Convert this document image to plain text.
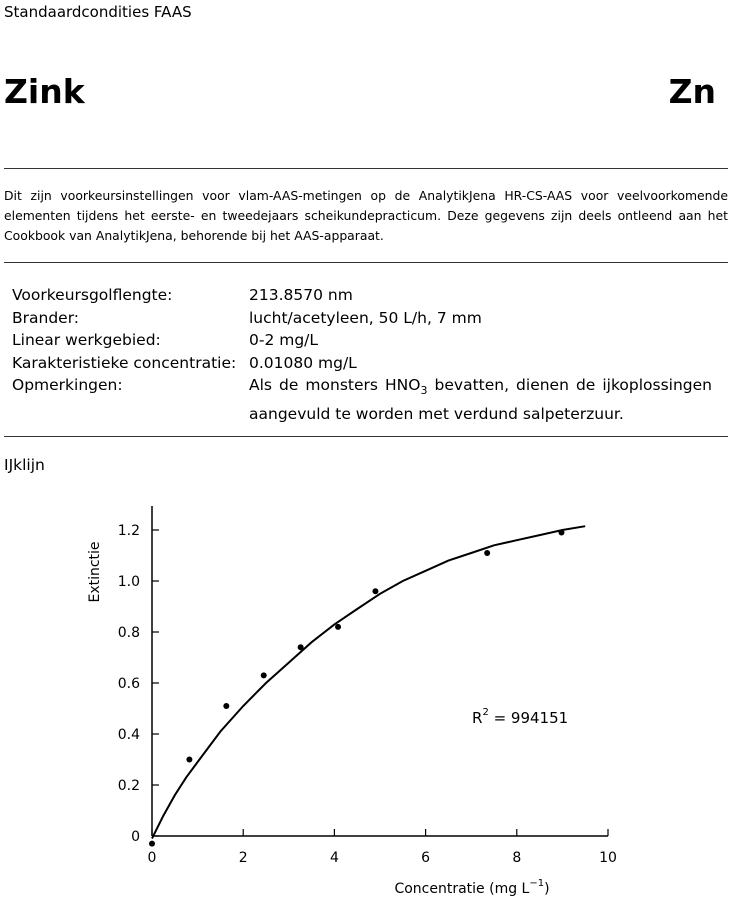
Standaardcondities FAAS
Zink	Zn

Dit zijn voorkeursinstellingen voor vlam-AAS-metingen op de AnalytikJena HR-CS-AAS voor veelvoorkomende elementen tijdens het eerste- en tweedejaars scheikundepracticum. Deze gegevens zijn deels ontleend aan het Cookbook van AnalytikJena, behorende bij het AAS-apparaat.

Voorkeursgolflengte:	213.8570 nm
Brander:	lucht/acetyleen, 50 L/h, 7 mm
Linear werkgebied:	0-2 mg/L
Karakteristieke concentratie: 0.01080 mg/L
Opmerkingen:	Als de monsters $HNO_3$ bevatten, dienen de ijkoplossingen aangevuld te worden met verdund salpeterzuur.
IJklijn
0	2	4	6	8	10
0
0.2
0.4
0.6
0.8
1.0
1.2
Extinctie
Concentratie (mg $L^{-1}$)
$R^2 = 994151$
